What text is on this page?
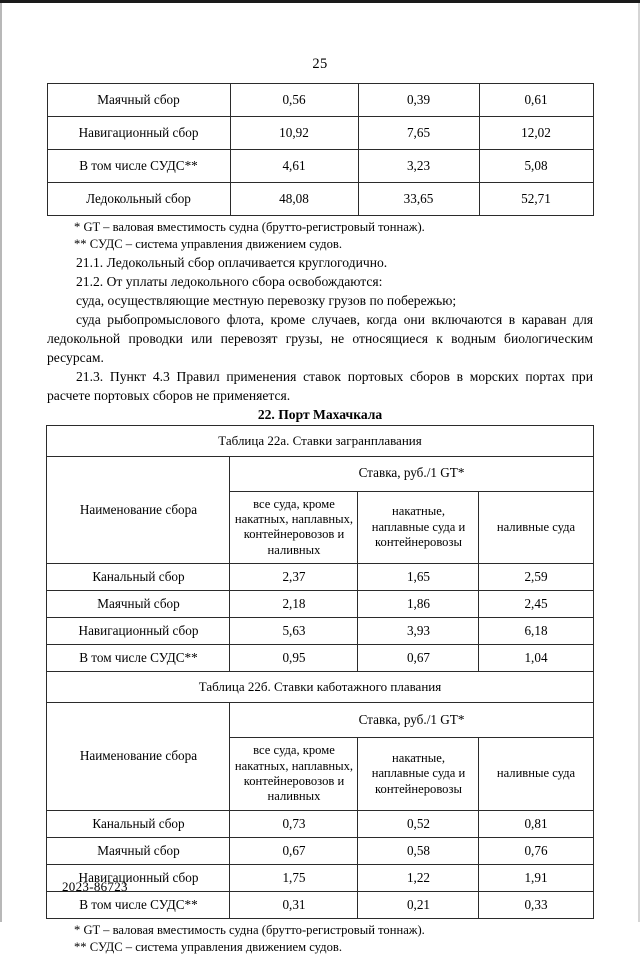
25
Маячный сбор	0,56	0,39	0,61
Навигационный сбор	10,92	7,65	12,02
В том числе СУДС**	4,61	3,23	5,08
Ледокольный сбор	48,08	33,65	52,71
* GT – валовая вместимость судна (брутто-регистровый тоннаж).
** СУДС – система управления движением судов.

21.1. Ледокольный сбор оплачивается круглогодично.

21.2. От уплаты ледокольного сбора освобождаются:

суда, осуществляющие местную перевозку грузов по побережью;

суда рыбопромыслового флота, кроме случаев, когда они включаются в караван для ледокольной проводки или перевозят грузы, не относящиеся к водным биологическим ресурсам.

21.3. Пункт 4.3 Правил применения ставок портовых сборов в морских портах при расчете портовых сборов не применяется.

22. Порт Махачкала
Таблица 22а. Ставки загранплавания			
Наименование сбора	Ставка, руб./1 GT*		
	все суда, кроме накатных, наплавных, контейнеровозов и наливных	накатные, наплавные суда и контейнеровозы	наливные суда
Канальный сбор	2,37	1,65	2,59
Маячный сбор	2,18	1,86	2,45
Навигационный сбор	5,63	3,93	6,18
В том числе СУДС**	0,95	0,67	1,04
Таблица 22б. Ставки каботажного плавания			
Наименование сбора	Ставка, руб./1 GT*		
	все суда, кроме накатных, наплавных, контейнеровозов и наливных	накатные, наплавные суда и контейнеровозы	наливные суда
Канальный сбор	0,73	0,52	0,81
Маячный сбор	0,67	0,58	0,76
Навигационный сбор	1,75	1,22	1,91
В том числе СУДС**	0,31	0,21	0,33
* GT – валовая вместимость судна (брутто-регистровый тоннаж).
** СУДС – система управления движением судов.
2023-86723
